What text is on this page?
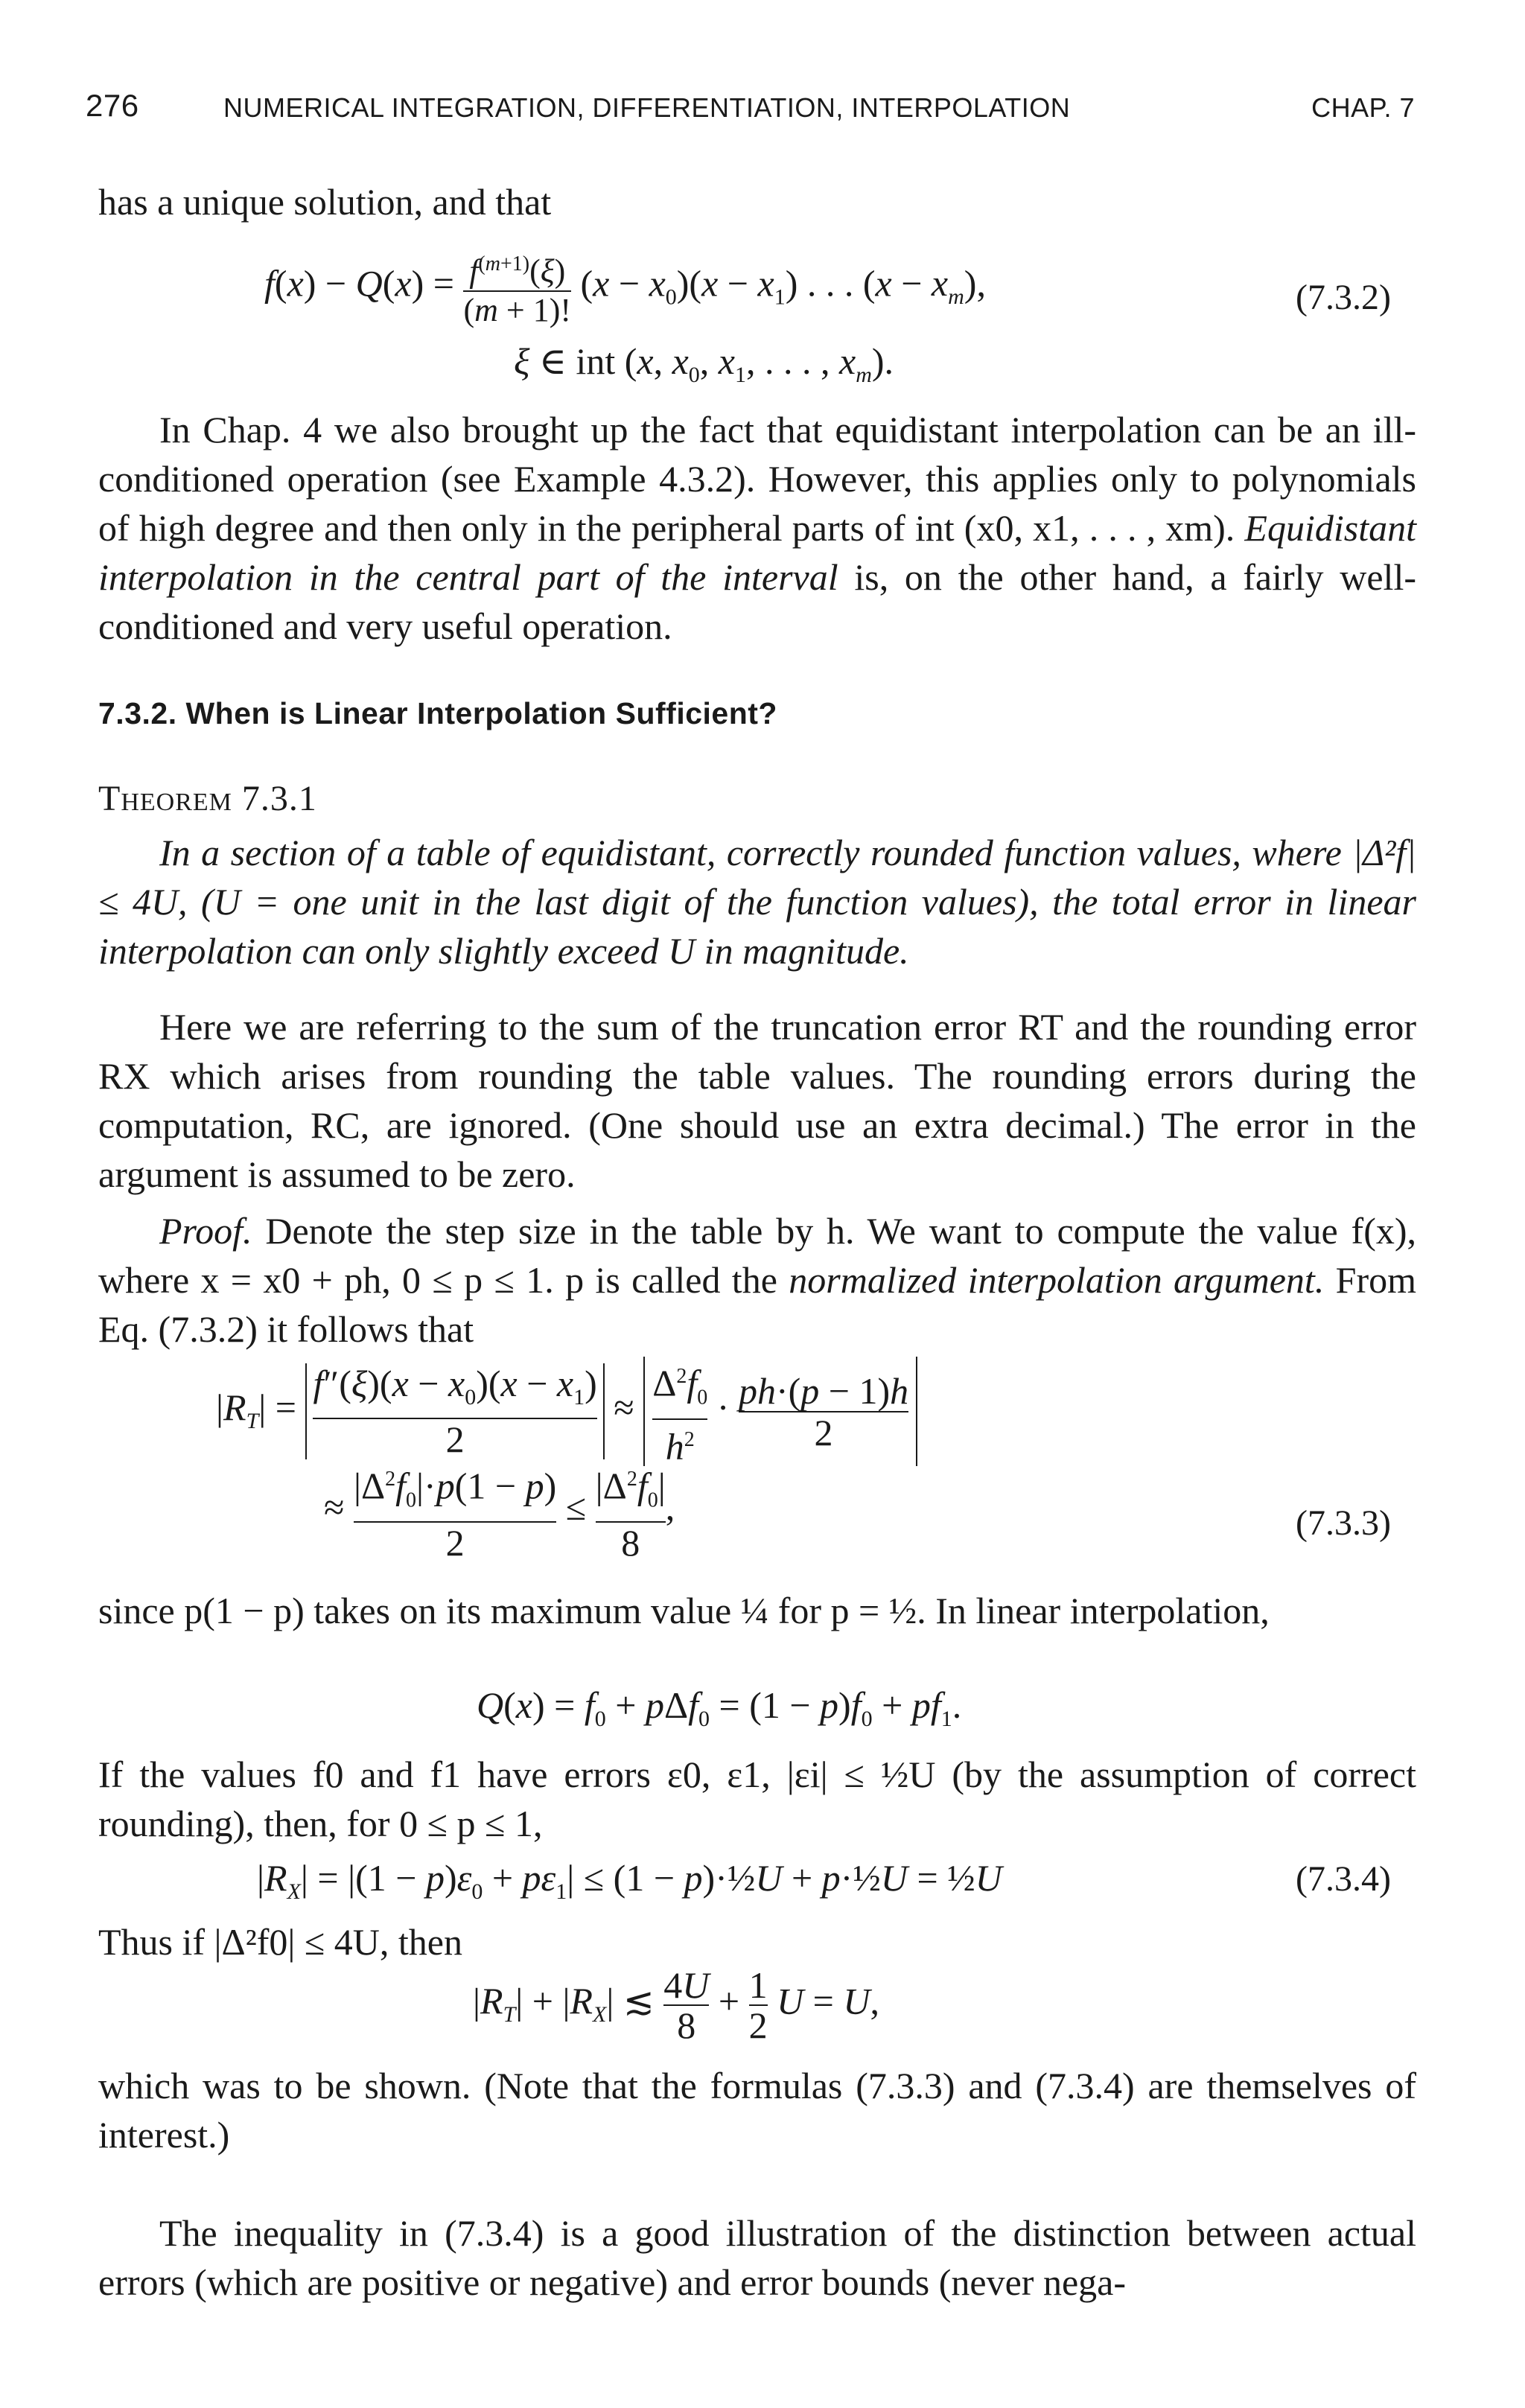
276	NUMERICAL INTEGRATION, DIFFERENTIATION, INTERPOLATION	CHAP. 7
has a unique solution, and that
$f(x) - Q(x) = \frac{f^{(m+1)}(\xi)}{(m + 1)!} (x - x_0)(x - x_1)$ . . . $(x - x_m)$,
ξ ∈ int (x, $x_0$, $x_1$, . . . , $x_m$).
(7.3.2)
In Chap. 4 we also brought up the fact that equidistant interpolation can be an ill-conditioned operation (see Example 4.3.2). However, this applies only to polynomials of high degree and then only in the peripheral parts of int (x0, x1, . . . , xm). Equidistant interpolation in the central part of the interval is, on the other hand, a fairly well-conditioned and very useful operation.
7.3.2. When is Linear Interpolation Sufficient?
Theorem 7.3.1
In a section of a table of equidistant, correctly rounded function values, where |Δ²f| ≤ 4U, (U = one unit in the last digit of the function values), the total error in linear interpolation can only slightly exceed U in magnitude.
Here we are referring to the sum of the truncation error RT and the rounding error RX which arises from rounding the table values. The rounding errors during the computation, RC, are ignored. (One should use an extra decimal.) The error in the argument is assumed to be zero.
Proof. Denote the step size in the table by h. We want to compute the value f(x), where x = x0 + ph, 0 ≤ p ≤ 1. p is called the normalized interpolation argument. From Eq. (7.3.2) it follows that
$|R_T| = \frac{f''(\xi)(x - x_0)(x - x_1)}{2} \approx \frac{\Delta^2f_0}{h^2} \cdot \frac{ph\cdot(p - 1)h}{2}$
≈ $\frac{|\Delta^2f_0|\cdot p(1 - p)}{2} \le \frac{|\Delta^2f_0|}{8}$ ,	(7.3.3)
since p(1 − p) takes on its maximum value ¼ for p = ½. In linear interpolation,
$Q(x) = f_0 + p\Delta f_0 = (1 - p)f_0 + pf_1$.
If the values f0 and f1 have errors ε0, ε1, |εi| ≤ ½U (by the assumption of correct rounding), then, for 0 ≤ p ≤ 1,
$|R_X| = |(1 - p)\varepsilon_0 + p\varepsilon_1| \le (1$ − p)·½U + p·½U = ½U	(7.3.4)
Thus if |Δ²f0| ≤ 4U, then
$|R_T| + |R_X|$ ≲ $\frac{4U}{8} + \frac{1}{2}$ U = U,
which was to be shown. (Note that the formulas (7.3.3) and (7.3.4) are themselves of interest.)
The inequality in (7.3.4) is a good illustration of the distinction between actual errors (which are positive or negative) and error bounds (never nega-
